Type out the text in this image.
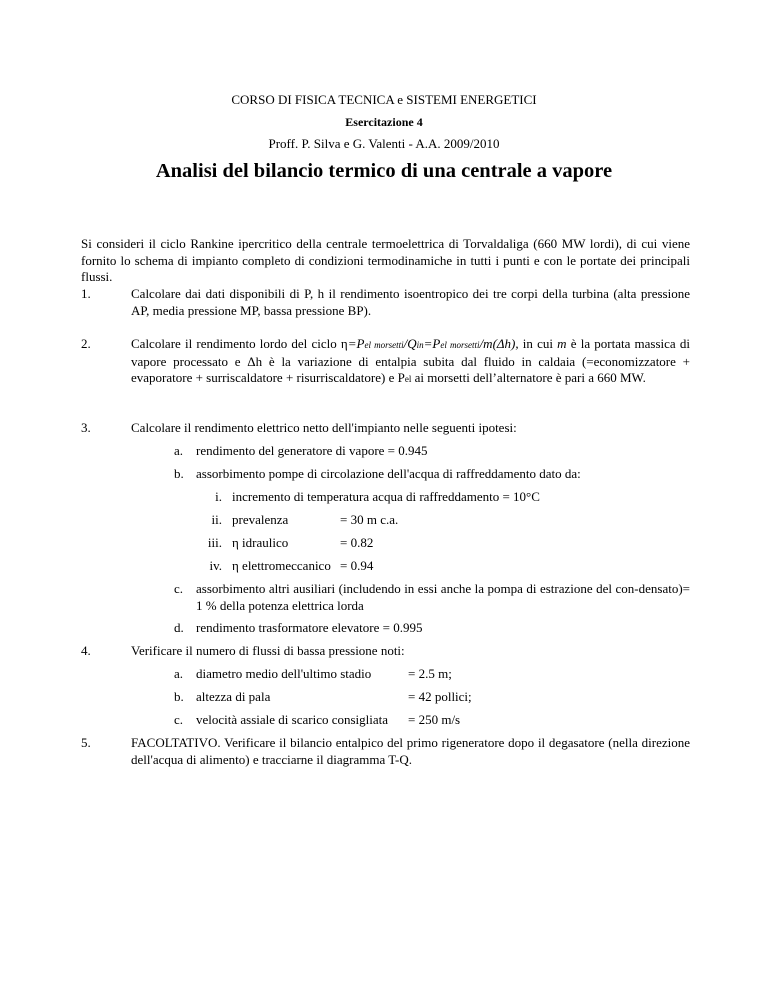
CORSO DI FISICA TECNICA e SISTEMI ENERGETICI
Esercitazione 4
Proff. P. Silva e G. Valenti - A.A. 2009/2010
Analisi del bilancio termico di una centrale a vapore
Si consideri il ciclo Rankine ipercritico della centrale termoelettrica di Torvaldaliga (660 MW lordi), di cui viene fornito lo schema di impianto completo di condizioni termodinamiche in tutti i punti e con le portate dei principali flussi.
1.	Calcolare dai dati disponibili di P, h il rendimento isoentropico dei tre corpi della turbina (alta pressione AP, media pressione MP, bassa pressione BP).
2.	Calcolare il rendimento lordo del ciclo η=Pel morsetti/Qin=Pel morsetti/m(Δh), in cui m è la portata massica di vapore processato e Δh è la variazione di entalpia subita dal fluido in caldaia (=economizzatore + evaporatore + surriscaldatore + risurriscaldatore) e Pel ai morsetti dell’alternatore è pari a 660 MW.
3.	Calcolare il rendimento elettrico netto dell'impianto nelle seguenti ipotesi:
a. rendimento del generatore di vapore = 0.945
b. assorbimento pompe di circolazione dell'acqua di raffreddamento dato da:
i. incremento di temperatura acqua di raffreddamento = 10°C
ii. prevalenza	= 30 m c.a.
iii. η idraulico	= 0.82
iv. η elettromeccanico = 0.94
c. assorbimento altri ausiliari (includendo in essi anche la pompa di estrazione del con-densato)= 1 % della potenza elettrica lorda
d. rendimento trasformatore elevatore = 0.995
4.	Verificare il numero di flussi di bassa pressione noti:
a. diametro medio dell'ultimo stadio	= 2.5 m;
b. altezza di pala	= 42 pollici;
c. velocità assiale di scarico consigliata	= 250 m/s
5.	FACOLTATIVO. Verificare il bilancio entalpico del primo rigeneratore dopo il degasatore (nella direzione dell'acqua di alimento) e tracciarne il diagramma T-Q.
